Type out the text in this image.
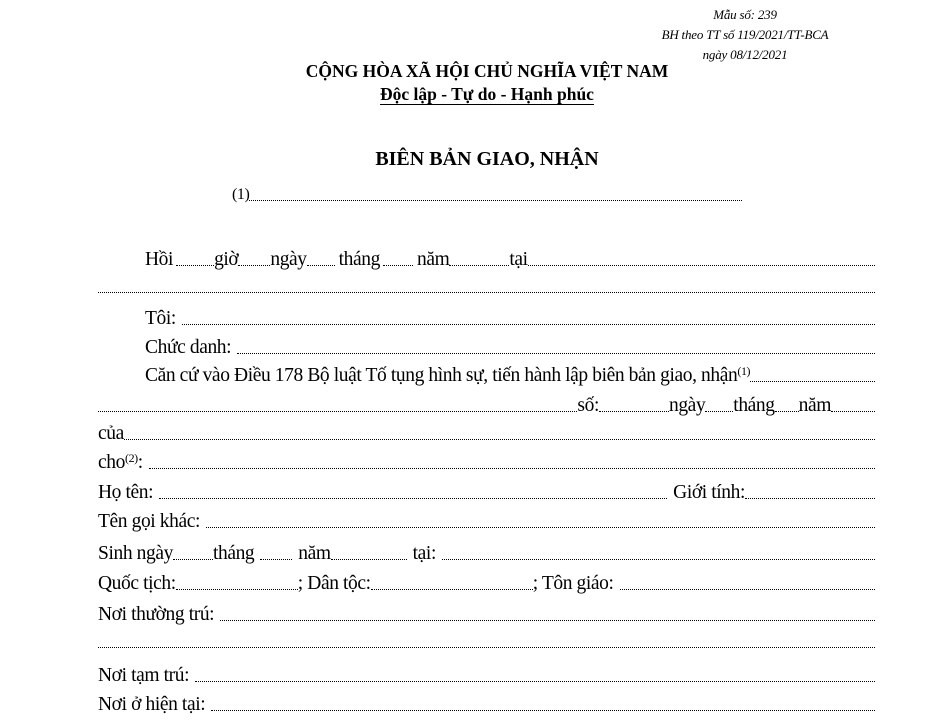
Mẫu số: 239
BH theo TT số 119/2021/TT-BCA
ngày 08/12/2021
CỘNG HÒA XÃ HỘI CHỦ NGHĨA VIỆT NAM
Độc lập - Tự do - Hạnh phúc
BIÊN BẢN GIAO, NHẬN
(1)
Hồi giờ ngày tháng năm	tại
Tôi:
Chức danh:
Căn cứ vào Điều 178 Bộ luật Tố tụng hình sự, tiến hành lập biên bản giao, nhận$^{(1)}$
số:	ngày tháng năm
của
cho$^{(2)}$:
Họ tên:	Giới tính:
Tên gọi khác:
Sinh ngày tháng năm	tại:
Quốc tịch:	; Dân tộc:	; Tôn giáo:
Nơi thường trú:
Nơi tạm trú:
Nơi ở hiện tại:
